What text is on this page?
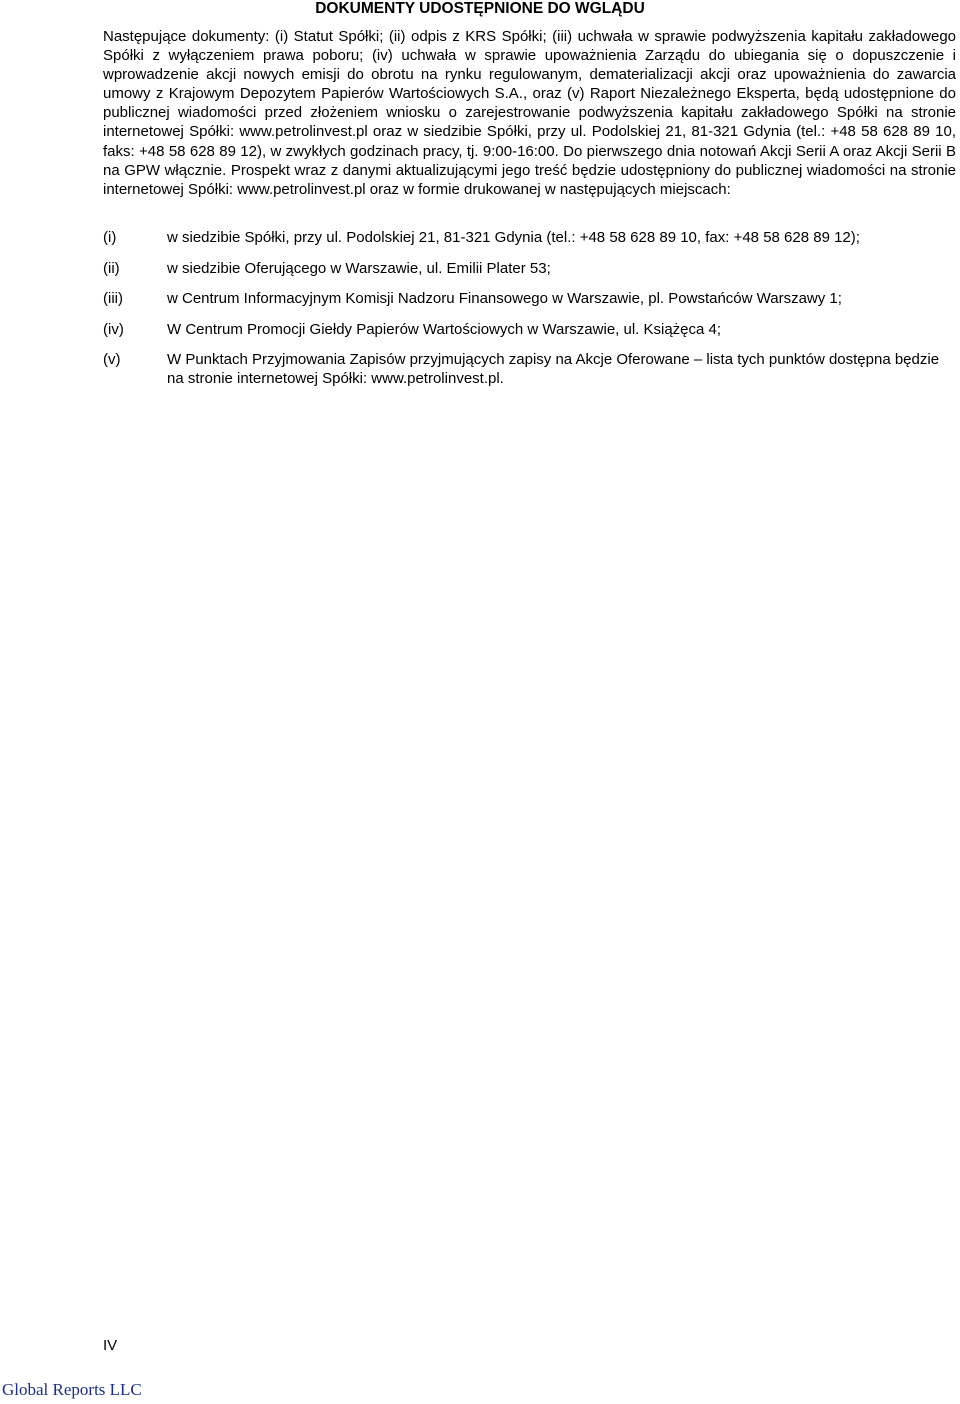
DOKUMENTY UDOSTĘPNIONE DO WGLĄDU

Następujące dokumenty: (i) Statut Spółki; (ii) odpis z KRS Spółki; (iii) uchwała w sprawie podwyższenia kapitału zakładowego Spółki z wyłączeniem prawa poboru; (iv) uchwała w sprawie upoważnienia Zarządu do ubiegania się o dopuszczenie i wprowadzenie akcji nowych emisji do obrotu na rynku regulowanym, dematerializacji akcji oraz upoważnienia do zawarcia umowy z Krajowym Depozytem Papierów Wartościowych S.A., oraz (v) Raport Niezależnego Eksperta, będą udostępnione do publicznej wiadomości przed złożeniem wniosku o zarejestrowanie podwyższenia kapitału zakładowego Spółki na stronie internetowej Spółki: www.petrolinvest.pl oraz w siedzibie Spółki, przy ul. Podolskiej 21, 81-321 Gdynia (tel.: +48 58 628 89 10, faks: +48 58 628 89 12), w zwykłych godzinach pracy, tj. 9:00-16:00. Do pierwszego dnia notowań Akcji Serii A oraz Akcji Serii B na GPW włącznie. Prospekt wraz z danymi aktualizującymi jego treść będzie udostępniony do publicznej wiadomości na stronie internetowej Spółki: www.petrolinvest.pl oraz w formie drukowanej w następujących miejscach:

(i)	w siedzibie Spółki, przy ul. Podolskiej 21, 81-321 Gdynia (tel.: +48 58 628 89 10, fax: +48 58 628 89 12);
(ii)	w siedzibie Oferującego w Warszawie, ul. Emilii Plater 53;
(iii)	w Centrum Informacyjnym Komisji Nadzoru Finansowego w Warszawie, pl. Powstańców Warszawy 1;
(iv)	W Centrum Promocji Giełdy Papierów Wartościowych w Warszawie, ul. Książęca 4;
(v)	W Punktach Przyjmowania Zapisów przyjmujących zapisy na Akcje Oferowane – lista tych punktów dostępna będzie na stronie internetowej Spółki: www.petrolinvest.pl.

IV

Global Reports LLC
